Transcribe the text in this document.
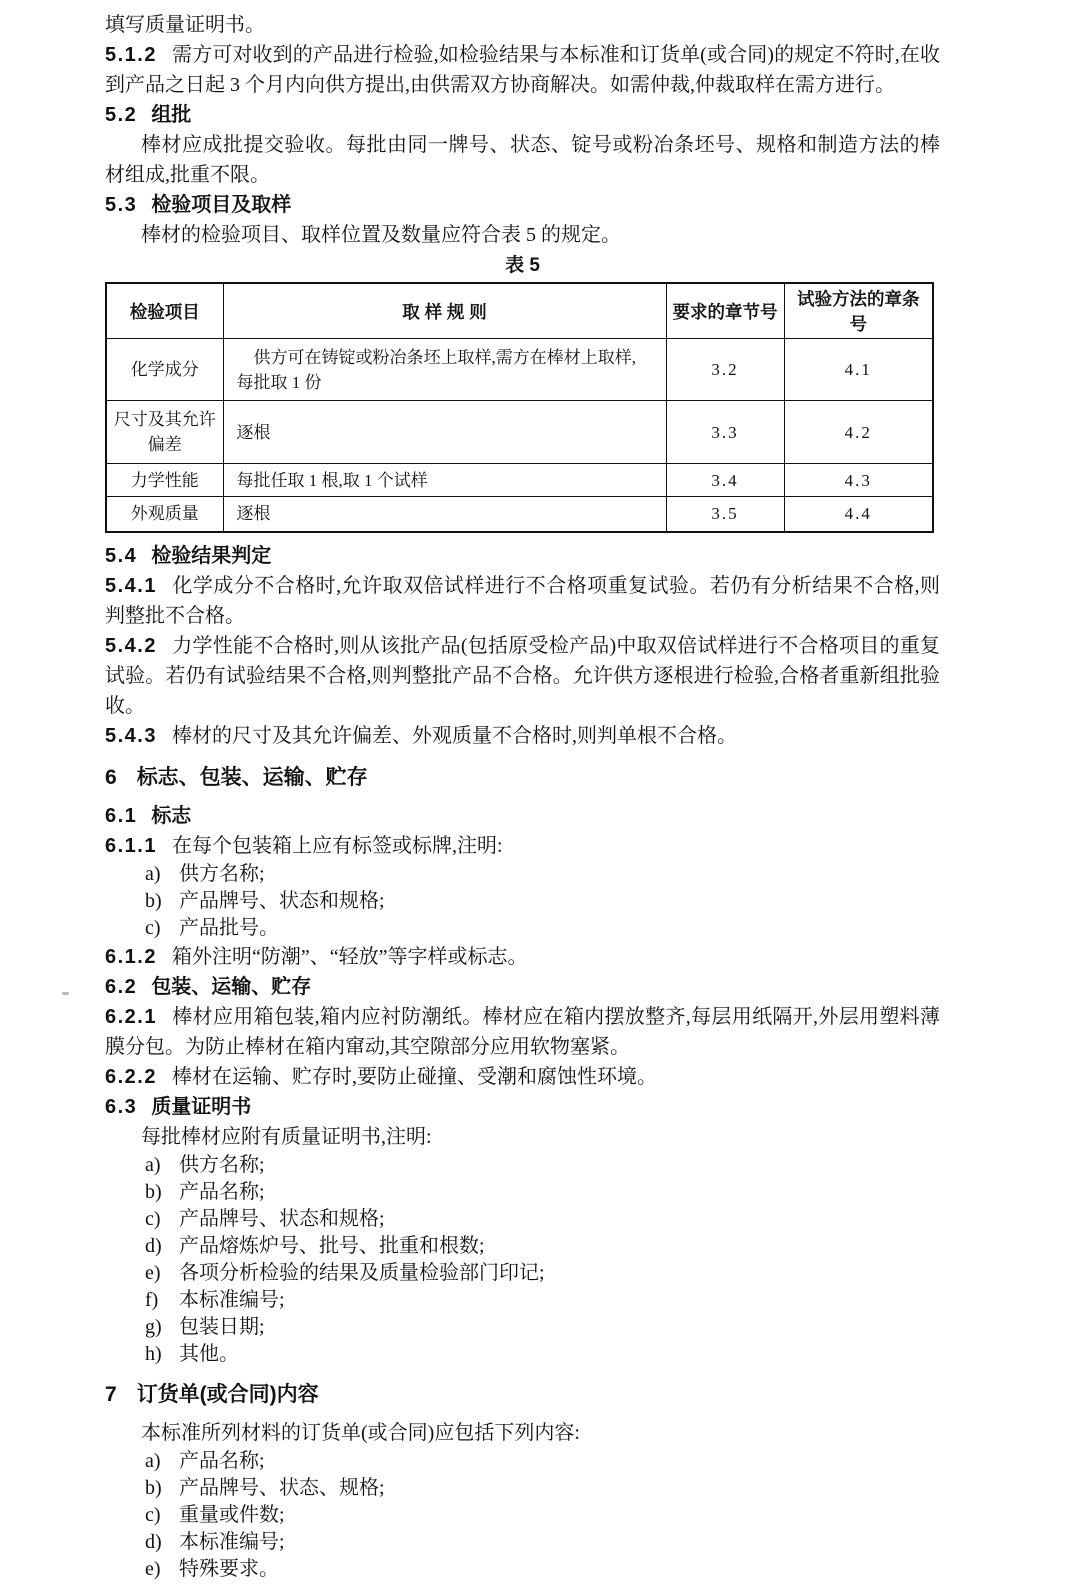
填写质量证明书。

5.1.2 需方可对收到的产品进行检验,如检验结果与本标准和订货单(或合同)的规定不符时,在收到产品之日起 3 个月内向供方提出,由供需双方协商解决。如需仲裁,仲裁取样在需方进行。

5.2 组批

棒材应成批提交验收。每批由同一牌号、状态、锭号或粉冶条坯号、规格和制造方法的棒材组成,批重不限。

5.3 检验项目及取样

棒材的检验项目、取样位置及数量应符合表 5 的规定。

表 5
检验项目	取 样 规 则	要求的章节号	试验方法的章条号
化学成分	供方可在铸锭或粉冶条坯上取样,需方在棒材上取样,每批取 1 份	3.2	4.1
尺寸及其允许偏差	逐根	3.3	4.2
力学性能	每批任取 1 根,取 1 个试样	3.4	4.3
外观质量	逐根	3.5	4.4
5.4 检验结果判定

5.4.1 化学成分不合格时,允许取双倍试样进行不合格项重复试验。若仍有分析结果不合格,则判整批不合格。

5.4.2 力学性能不合格时,则从该批产品(包括原受检产品)中取双倍试样进行不合格项目的重复试验。若仍有试验结果不合格,则判整批产品不合格。允许供方逐根进行检验,合格者重新组批验收。

5.4.3 棒材的尺寸及其允许偏差、外观质量不合格时,则判单根不合格。

6 标志、包装、运输、贮存
6.1 标志

6.1.1 在每个包装箱上应有标签或标牌,注明:

a) 供方名称;
b) 产品牌号、状态和规格;
c) 产品批号。

6.1.2 箱外注明“防潮”、“轻放”等字样或标志。

6.2 包装、运输、贮存

6.2.1 棒材应用箱包装,箱内应衬防潮纸。棒材应在箱内摆放整齐,每层用纸隔开,外层用塑料薄膜分包。为防止棒材在箱内窜动,其空隙部分应用软物塞紧。

6.2.2 棒材在运输、贮存时,要防止碰撞、受潮和腐蚀性环境。

6.3 质量证明书

每批棒材应附有质量证明书,注明:

a) 供方名称;
b) 产品名称;
c) 产品牌号、状态和规格;
d) 产品熔炼炉号、批号、批重和根数;
e) 各项分析检验的结果及质量检验部门印记;
f) 本标准编号;
g) 包装日期;
h) 其他。
7 订货单(或合同)内容

本标准所列材料的订货单(或合同)应包括下列内容:

a) 产品名称;
b) 产品牌号、状态、规格;
c) 重量或件数;
d) 本标准编号;
e) 特殊要求。
